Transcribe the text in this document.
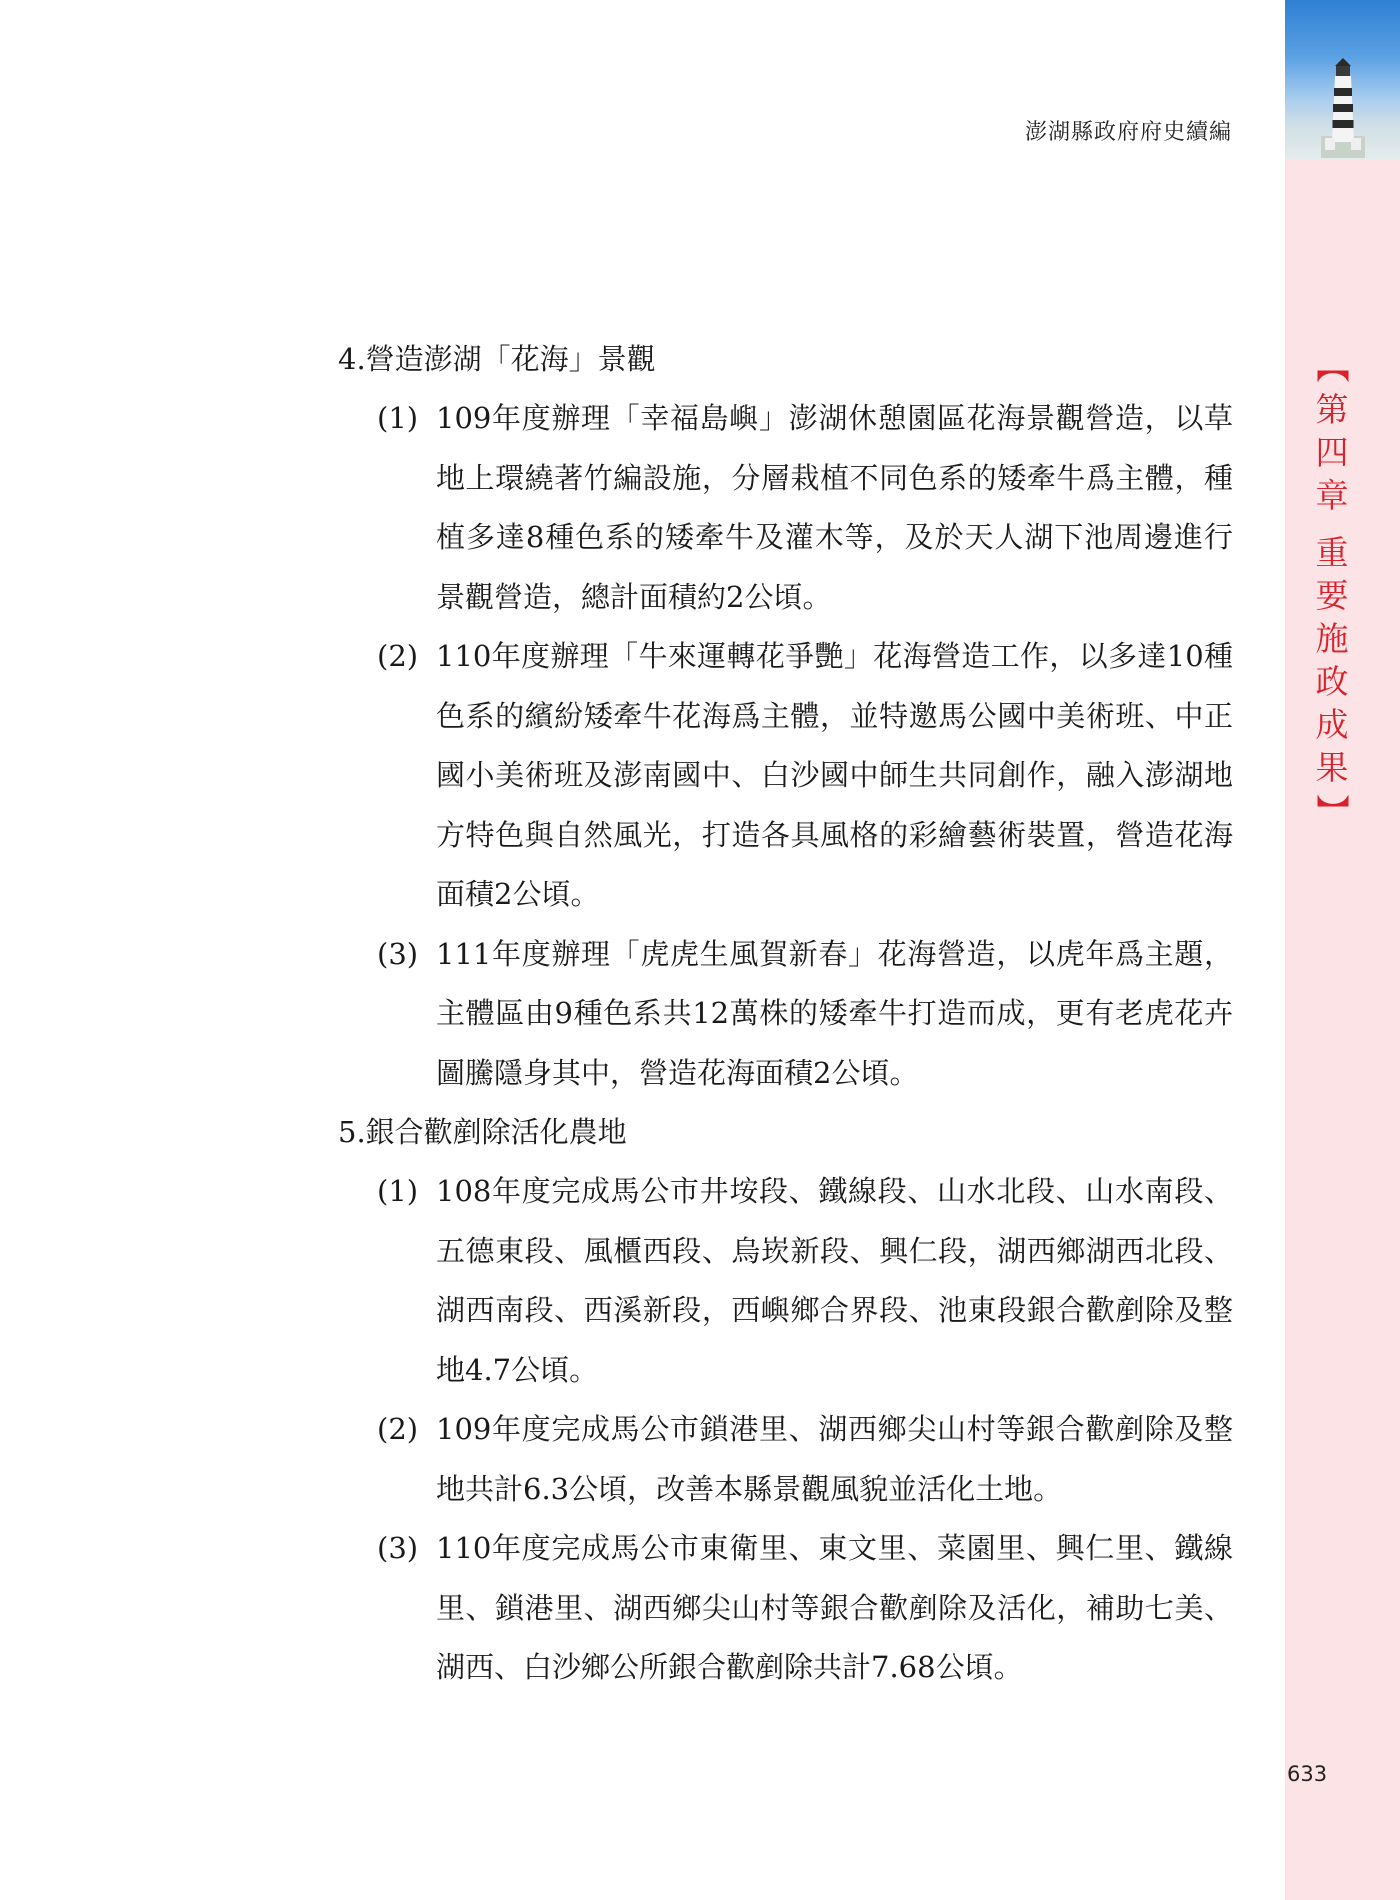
澎湖縣政府府史續編
【
第
四
章
重
要
施
政
成
果
】

4.營造澎湖「花海」景觀

(1) 109年度辦理「幸福島嶼」澎湖休憩園區花海景觀營造，以草地上環繞著竹編設施，分層栽植不同色系的矮牽牛爲主體，種植多達8種色系的矮牽牛及灌木等，及於天人湖下池周邊進行景觀營造，總計面積約2公頃。
(2) 110年度辦理「牛來運轉花爭艷」花海營造工作，以多達10種色系的繽紛矮牽牛花海爲主體，並特邀馬公國中美術班、中正國小美術班及澎南國中、白沙國中師生共同創作，融入澎湖地方特色與自然風光，打造各具風格的彩繪藝術裝置，營造花海面積2公頃。
(3) 111年度辦理「虎虎生風賀新春」花海營造，以虎年爲主題，主體區由9種色系共12萬株的矮牽牛打造而成，更有老虎花卉圖騰隱身其中，營造花海面積2公頃。

5.銀合歡剷除活化農地

(1) 108年度完成馬公市井垵段、鐵線段、山水北段、山水南段、五德東段、風櫃西段、烏崁新段、興仁段，湖西鄉湖西北段、湖西南段、西溪新段，西嶼鄉合界段、池東段銀合歡剷除及整地4.7公頃。
(2) 109年度完成馬公市鎖港里、湖西鄉尖山村等銀合歡剷除及整地共計6.3公頃，改善本縣景觀風貌並活化土地。
(3) 110年度完成馬公市東衛里、東文里、菜園里、興仁里、鐵線里、鎖港里、湖西鄉尖山村等銀合歡剷除及活化，補助七美、湖西、白沙鄉公所銀合歡剷除共計7.68公頃。
633
